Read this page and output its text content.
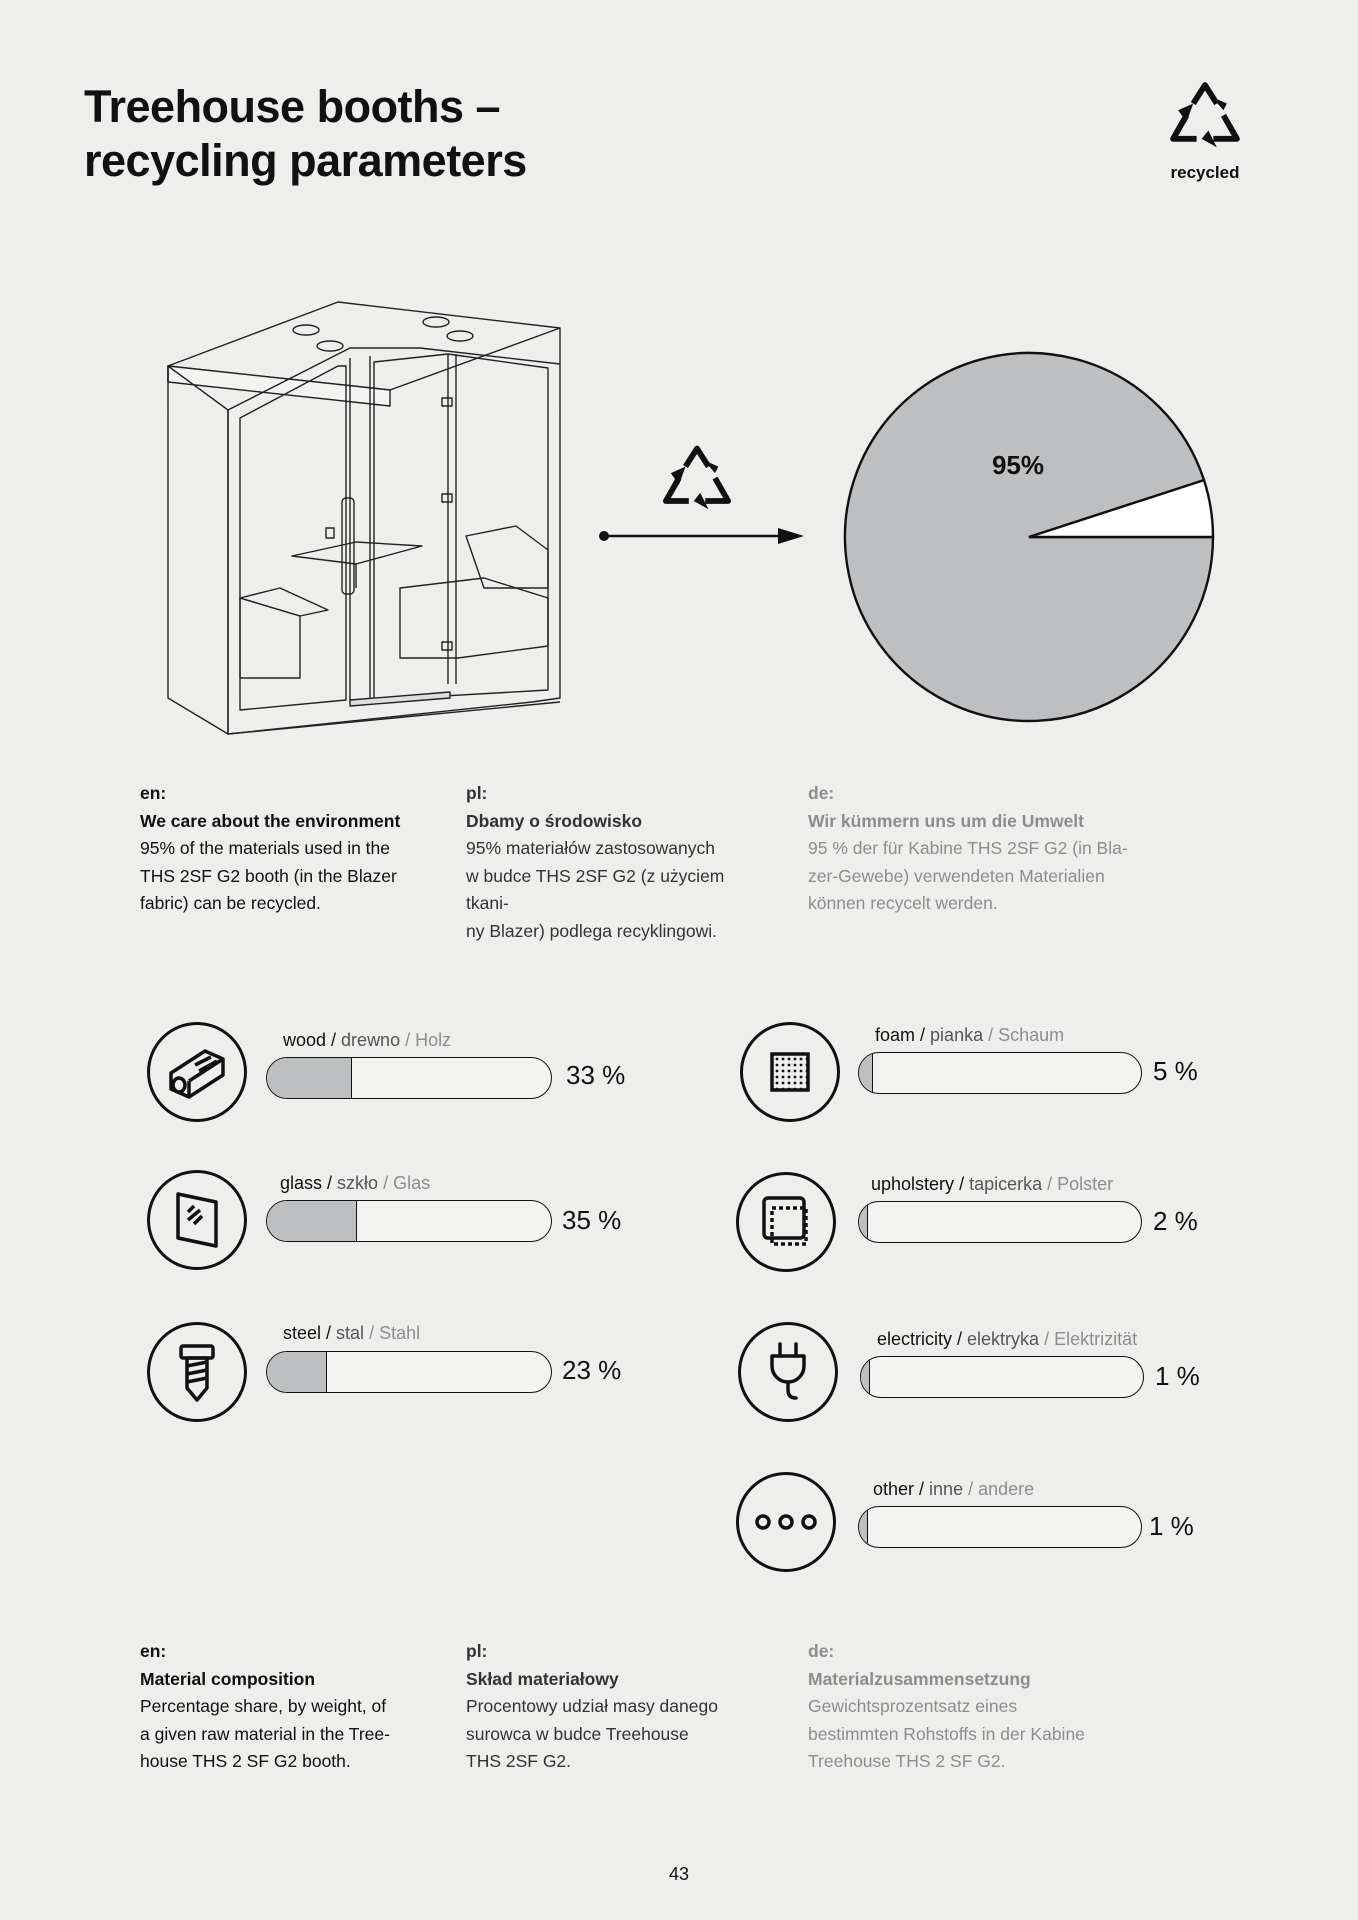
Treehouse booths –
recycling parameters	recycled
95%
en:
We care about the environment
95% of the materials used in the
THS 2SF G2 booth (in the Blazer
fabric) can be recycled.
pl:
Dbamy o środowisko
95% materiałów zastosowanych
w budce THS 2SF G2 (z użyciem tkani-
ny Blazer) podlega recyklingowi.
de:
Wir kümmern uns um die Umwelt
95 % der für Kabine THS 2SF G2 (in Bla-
zer-Gewebe) verwendeten Materialien
können recycelt werden.
wood / drewno / Holz
33 %
glass / szkło / Glas
35 %
steel / stal / Stahl
23 %
foam / pianka / Schaum
5 %
upholstery / tapicerka / Polster
2 %
electricity / elektryka / Elektrizität
1 %
other / inne / andere
1 %
en:
Material composition
Percentage share, by weight, of
a given raw material in the Tree-
house THS 2 SF G2 booth.
pl:
Skład materiałowy
Procentowy udział masy danego
surowca w budce Treehouse
THS 2SF G2.
de:
Materialzusammensetzung
Gewichtsprozentsatz eines
bestimmten Rohstoffs in der Kabine
Treehouse THS 2 SF G2.
43
